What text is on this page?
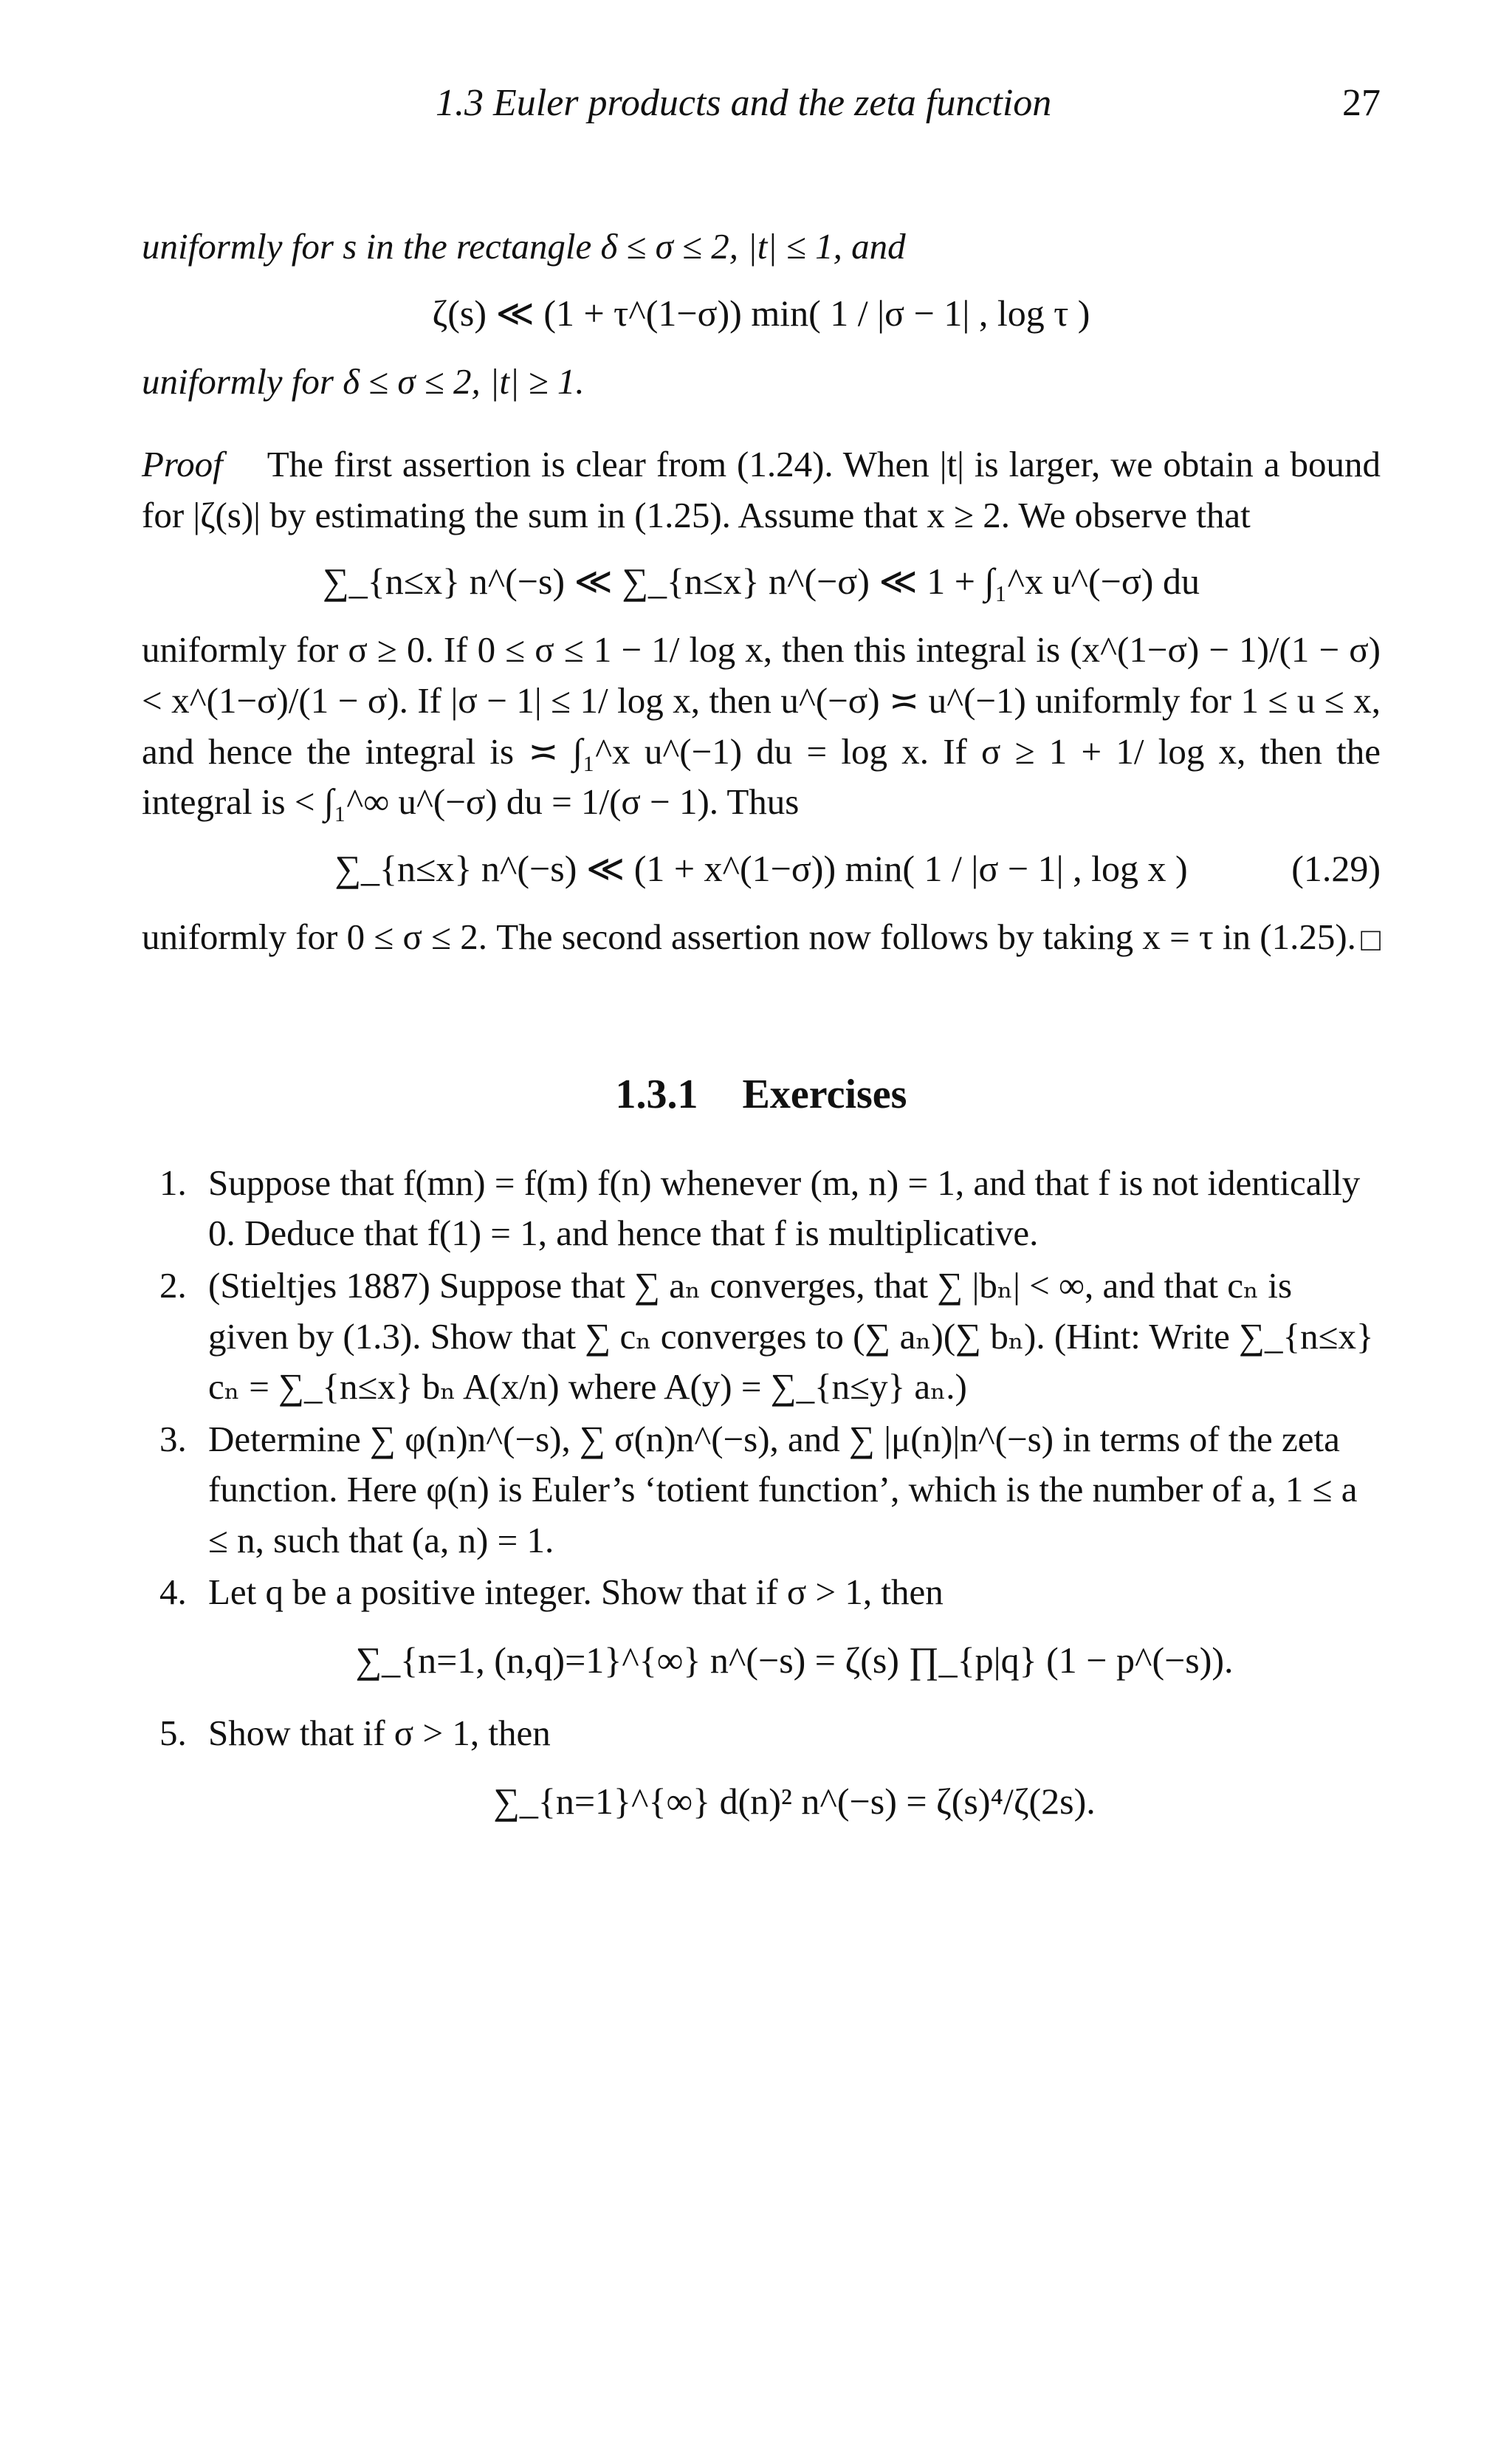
1.3 Euler products and the zeta function	27

uniformly for s in the rectangle δ ≤ σ ≤ 2, |t| ≤ 1, and

ζ(s) ≪ (1 + τ^(1−σ)) min( 1 / |σ − 1| , log τ )

uniformly for δ ≤ σ ≤ 2, |t| ≥ 1.

Proof The first assertion is clear from (1.24). When |t| is larger, we obtain a bound for |ζ(s)| by estimating the sum in (1.25). Assume that x ≥ 2. We observe that

∑_{n≤x} n^(−s) ≪ ∑_{n≤x} n^(−σ) ≪ 1 + ∫₁^x u^(−σ) du

uniformly for σ ≥ 0. If 0 ≤ σ ≤ 1 − 1/ log x, then this integral is (x^(1−σ) − 1)/(1 − σ) < x^(1−σ)/(1 − σ). If |σ − 1| ≤ 1/ log x, then u^(−σ) ≍ u^(−1) uniformly for 1 ≤ u ≤ x, and hence the integral is ≍ ∫₁^x u^(−1) du = log x. If σ ≥ 1 + 1/ log x, then the integral is < ∫₁^∞ u^(−σ) du = 1/(σ − 1). Thus

∑_{n≤x} n^(−s) ≪ (1 + x^(1−σ)) min( 1 / |σ − 1| , log x )	(1.29)

uniformly for 0 ≤ σ ≤ 2. The second assertion now follows by taking x = τ in (1.25). □

1.3.1 Exercises
1. Suppose that f(mn) = f(m) f(n) whenever (m, n) = 1, and that f is not identically 0. Deduce that f(1) = 1, and hence that f is multiplicative.
2. (Stieltjes 1887) Suppose that ∑ aₙ converges, that ∑ |bₙ| < ∞, and that cₙ is given by (1.3). Show that ∑ cₙ converges to (∑ aₙ)(∑ bₙ). (Hint: Write ∑_{n≤x} cₙ = ∑_{n≤x} bₙ A(x/n) where A(y) = ∑_{n≤y} aₙ.)
3. Determine ∑ φ(n)n^(−s), ∑ σ(n)n^(−s), and ∑ |μ(n)|n^(−s) in terms of the zeta function. Here φ(n) is Euler’s ‘totient function’, which is the number of a, 1 ≤ a ≤ n, such that (a, n) = 1.
4. Let q be a positive integer. Show that if σ > 1, then
∑_{n=1, (n,q)=1}^{∞} n^(−s) = ζ(s) ∏_{p|q} (1 − p^(−s)).
5. Show that if σ > 1, then
∑_{n=1}^{∞} d(n)² n^(−s) = ζ(s)⁴/ζ(2s).
